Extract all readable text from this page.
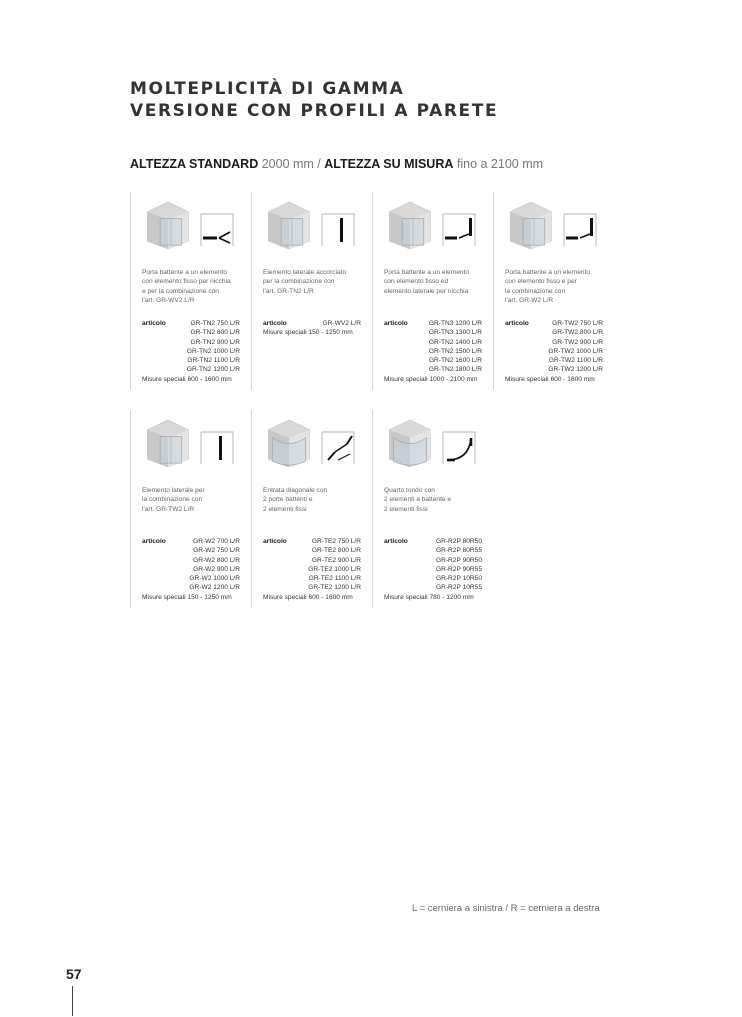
MOLTEPLICITÀ DI GAMMA
VERSIONE CON PROFILI A PARETE
ALTEZZA STANDARD 2000 mm / ALTEZZA SU MISURA fino a 2100 mm
Porta battente a un elemento
con elemento fisso per nicchia
e per la combinazione con
l'art. GR-WV2 L/R
articolo	GR-TN2 750 L/R
GR-TN2 800 L/R
GR-TN2 900 L/R
GR-TN2 1000 L/R
GR-TN2 1100 L/R
GR-TN2 1200 L/R
Misure speciali 600 - 1600 mm
Elemento laterale accorciato
per la combinazione con
l'art. GR-TN2 L/R
articolo	GR-WV2 L/R
Misure speciali 150 - 1250 mm
Porta battente a un elemento
con elemento fisso ed
elemento laterale per nicchia
articolo	GR-TN3 1200 L/R
GR-TN3 1300 L/R
GR-TN2 1400 L/R
GR-TN2 1500 L/R
GR-TN2 1600 L/R
GR-TN2 1800 L/R
Misure speciali 1000 - 2100 mm
Porta battente a un elemento
con elemento fisso e per
la combinazione con
l'art. GR-W2 L/R
articolo	GR-TW2 750 L/R
GR-TW2 800 L/R
GR-TW2 900 L/R
GR-TW2 1000 L/R
GR-TW2 1100 L/R
GR-TW2 1200 L/R
Misure speciali 600 - 1600 mm
Elemento laterale per
la combinazione con
l'art. GR-TW2 L/R
articolo	GR-W2 700 L/R
GR-W2 750 L/R
GR-W2 800 L/R
GR-W2 900 L/R
GR-W2 1000 L/R
GR-W2 1200 L/R
Misure speciali 150 - 1250 mm
Entrata diagonale con
2 porte battenti e
2 elementi fissi
articolo	GR-TE2 750 L/R
GR-TE2 800 L/R
GR-TE2 900 L/R
GR-TE2 1000 L/R
GR-TE2 1100 L/R
GR-TE2 1200 L/R
Misure speciali 600 - 1600 mm
Quarto tondo con
2 elementi a battente e
2 elementi fissi
articolo	GR-R2P 80R50
GR-R2P 80R55
GR-R2P 90R50
GR-R2P 90R55
GR-R2P 10R50
GR-R2P 10R55
Misure speciali 780 - 1200 mm
L = cerniera a sinistra / R = cerniera a destra
57
